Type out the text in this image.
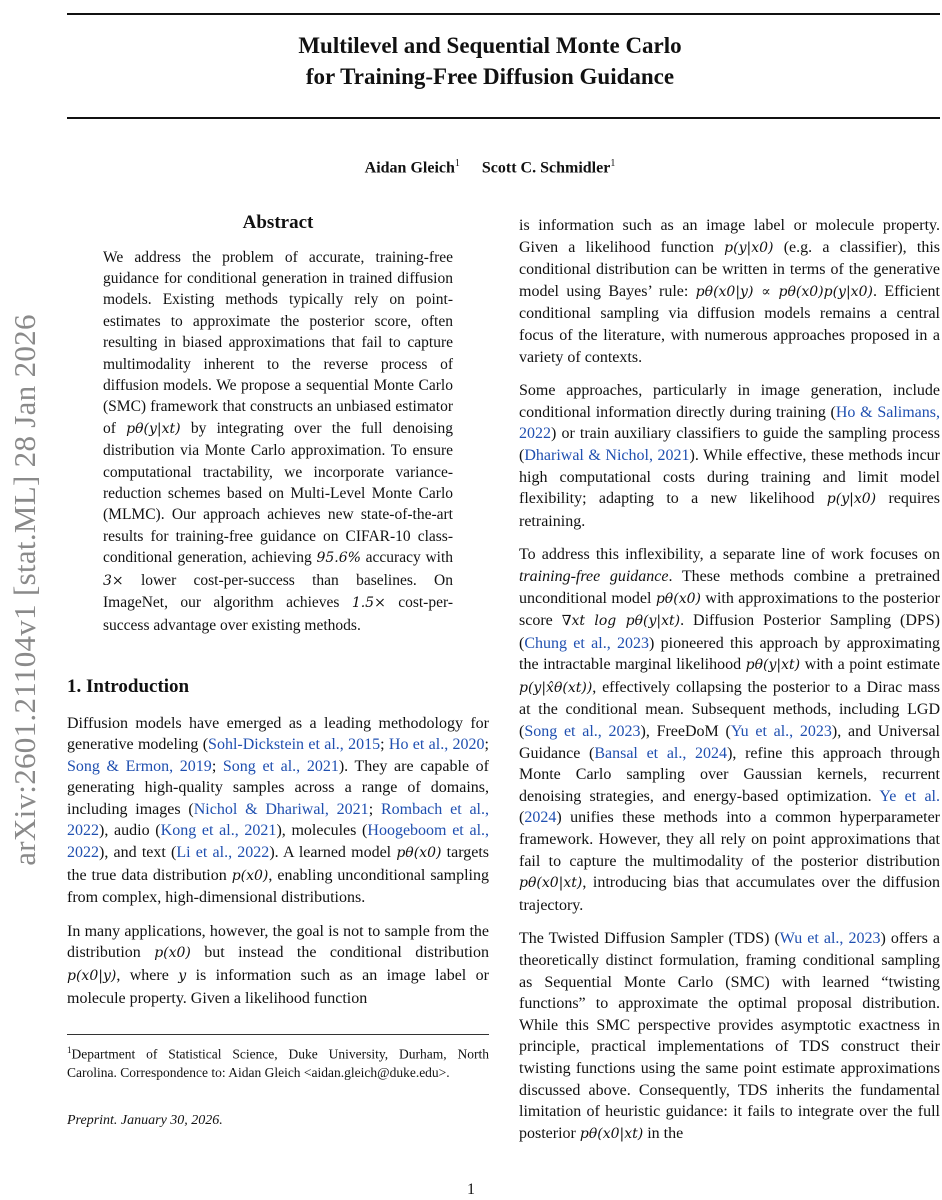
arXiv:2601.21104v1 [stat.ML] 28 Jan 2026
Multilevel and Sequential Monte Carlo
for Training-Free Diffusion Guidance
Aidan Gleich$^1$ Scott C. Schmidler$^1$
Abstract
We address the problem of accurate, training-free guidance for conditional generation in trained diffusion models. Existing methods typically rely on point-estimates to approximate the posterior score, often resulting in biased approximations that fail to capture multimodality inherent to the reverse process of diffusion models. We propose a sequential Monte Carlo (SMC) framework that constructs an unbiased estimator of pθ(y|xt) by integrating over the full denoising distribution via Monte Carlo approximation. To ensure computational tractability, we incorporate variance-reduction schemes based on Multi-Level Monte Carlo (MLMC). Our approach achieves new state-of-the-art results for training-free guidance on CIFAR-10 class-conditional generation, achieving 95.6% accuracy with 3× lower cost-per-success than baselines. On ImageNet, our algorithm achieves 1.5× cost-per-success advantage over existing methods.
1. Introduction

Diffusion models have emerged as a leading methodology for generative modeling (Sohl-Dickstein et al., 2015; Ho et al., 2020; Song & Ermon, 2019; Song et al., 2021). They are capable of generating high-quality samples across a range of domains, including images (Nichol & Dhariwal, 2021; Rombach et al., 2022), audio (Kong et al., 2021), molecules (Hoogeboom et al., 2022), and text (Li et al., 2022). A learned model pθ(x0) targets the true data distribution p(x0), enabling unconditional sampling from complex, high-dimensional distributions.

In many applications, however, the goal is not to sample from the distribution p(x0) but instead the conditional distribution p(x0|y), where y is information such as an image label or molecule property. Given a likelihood function

$^1$Department of Statistical Science, Duke University, Durham, North Carolina. Correspondence to: Aidan Gleich <aidan.gleich@duke.edu>.
Preprint. January 30, 2026.

is information such as an image label or molecule property. Given a likelihood function p(y|x0) (e.g. a classifier), this conditional distribution can be written in terms of the generative model using Bayes’ rule: pθ(x0|y) ∝ pθ(x0)p(y|x0). Efficient conditional sampling via diffusion models remains a central focus of the literature, with numerous approaches proposed in a variety of contexts.

Some approaches, particularly in image generation, include conditional information directly during training (Ho & Salimans, 2022) or train auxiliary classifiers to guide the sampling process (Dhariwal & Nichol, 2021). While effective, these methods incur high computational costs during training and limit model flexibility; adapting to a new likelihood p(y|x0) requires retraining.

To address this inflexibility, a separate line of work focuses on training-free guidance. These methods combine a pretrained unconditional model pθ(x0) with approximations to the posterior score ∇xt log pθ(y|xt). Diffusion Posterior Sampling (DPS) (Chung et al., 2023) pioneered this approach by approximating the intractable marginal likelihood pθ(y|xt) with a point estimate p(y|x̂θ(xt)), effectively collapsing the posterior to a Dirac mass at the conditional mean. Subsequent methods, including LGD (Song et al., 2023), FreeDoM (Yu et al., 2023), and Universal Guidance (Bansal et al., 2024), refine this approach through Monte Carlo sampling over Gaussian kernels, recurrent denoising strategies, and energy-based optimization. Ye et al. (2024) unifies these methods into a common hyperparameter framework. However, they all rely on point approximations that fail to capture the multimodality of the posterior distribution pθ(x0|xt), introducing bias that accumulates over the diffusion trajectory.

The Twisted Diffusion Sampler (TDS) (Wu et al., 2023) offers a theoretically distinct formulation, framing conditional sampling as Sequential Monte Carlo (SMC) with learned “twisting functions” to approximate the optimal proposal distribution. While this SMC perspective provides asymptotic exactness in principle, practical implementations of TDS construct their twisting functions using the same point estimate approximations discussed above. Consequently, TDS inherits the fundamental limitation of heuristic guidance: it fails to integrate over the full posterior pθ(x0|xt) in the

1
